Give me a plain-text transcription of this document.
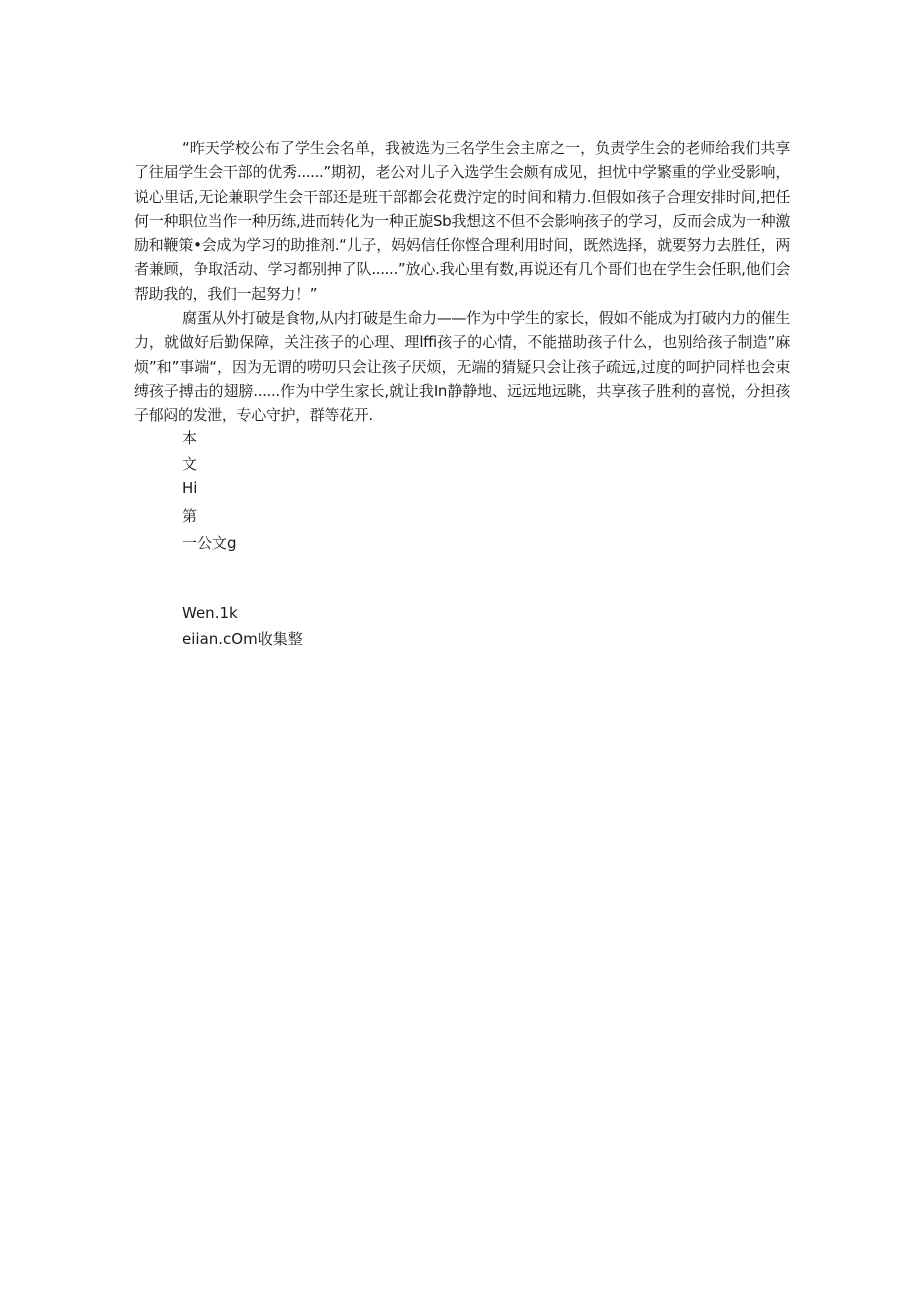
“昨天学校公布了学生会名单，我被选为三名学生会主席之一，负责学生会的老师给我们共享了往届学生会干部的优秀......”期初，老公对儿子入选学生会颇有成见，担忧中学繁重的学业受影响，说心里话,无论兼职学生会干部还是班干部都会花费泞定的时间和精力.但假如孩子合理安排时间,把任何一种职位当作一种历练,进而转化为一种正旎Sb我想这不但不会影响孩子的学习，反而会成为一种激励和鞭策•会成为学习的助推剂.“儿子，妈妈信任你悭合理利用时间，既然选择，就要努力去胜任，两者兼顾，争取活动、学习都别抻了队......”放心.我心里有数,再说还有几个哥们也在学生会任职,他们会帮助我的，我们一起努力！”

腐蛋从外打破是食物,从内打破是生命力——作为中学生的家长，假如不能成为打破内力的催生力，就做好后勤保障，关注孩子的心理、理lffi孩子的心情，不能描助孩子什么，也别给孩子制造”麻烦”和”事端“，因为无谓的唠叨只会让孩子厌烦，无端的猜疑只会让孩子疏远,过度的呵护同样也会束缚孩子搏击的翅膀......作为中学生家长,就让我In静静地、远远地远眺，共享孩子胜利的喜悦，分担孩子郁闷的发泄，专心守护，群等花开.

本
文
Hi
第
一公文g
Wen.1k
eiian.cOm收集整
